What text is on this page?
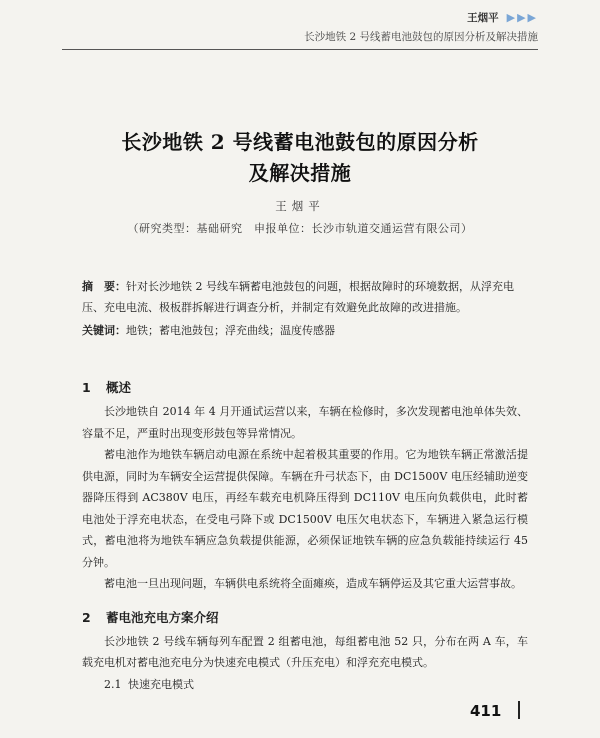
王烟平 ▶▶▶
长沙地铁 2 号线蓄电池鼓包的原因分析及解决措施
长沙地铁 2 号线蓄电池鼓包的原因分析
及解决措施
王烟平
（研究类型：基础研究　申报单位：长沙市轨道交通运营有限公司）

摘　要：针对长沙地铁 2 号线车辆蓄电池鼓包的问题，根据故障时的环境数据，从浮充电压、充电电流、极板群拆解进行调查分析，并制定有效避免此故障的改进措施。

关键词：地铁；蓄电池鼓包；浮充曲线；温度传感器

1 概述

长沙地铁自 2014 年 4 月开通试运营以来，车辆在检修时，多次发现蓄电池单体失效、容量不足，严重时出现变形鼓包等异常情况。

蓄电池作为地铁车辆启动电源在系统中起着极其重要的作用。它为地铁车辆正常激活提供电源，同时为车辆安全运营提供保障。车辆在升弓状态下，由 DC1500V 电压经辅助逆变器降压得到 AC380V 电压，再经车载充电机降压得到 DC110V 电压向负载供电，此时蓄电池处于浮充电状态，在受电弓降下或 DC1500V 电压欠电状态下，车辆进入紧急运行模式，蓄电池将为地铁车辆应急负载提供能源，必须保证地铁车辆的应急负载能持续运行 45 分钟。

蓄电池一旦出现问题，车辆供电系统将全面瘫痪，造成车辆停运及其它重大运营事故。

2 蓄电池充电方案介绍

长沙地铁 2 号线车辆每列车配置 2 组蓄电池，每组蓄电池 52 只，分布在两 A 车，车载充电机对蓄电池充电分为快速充电模式（升压充电）和浮充充电模式。

2.1 快速充电模式
411
